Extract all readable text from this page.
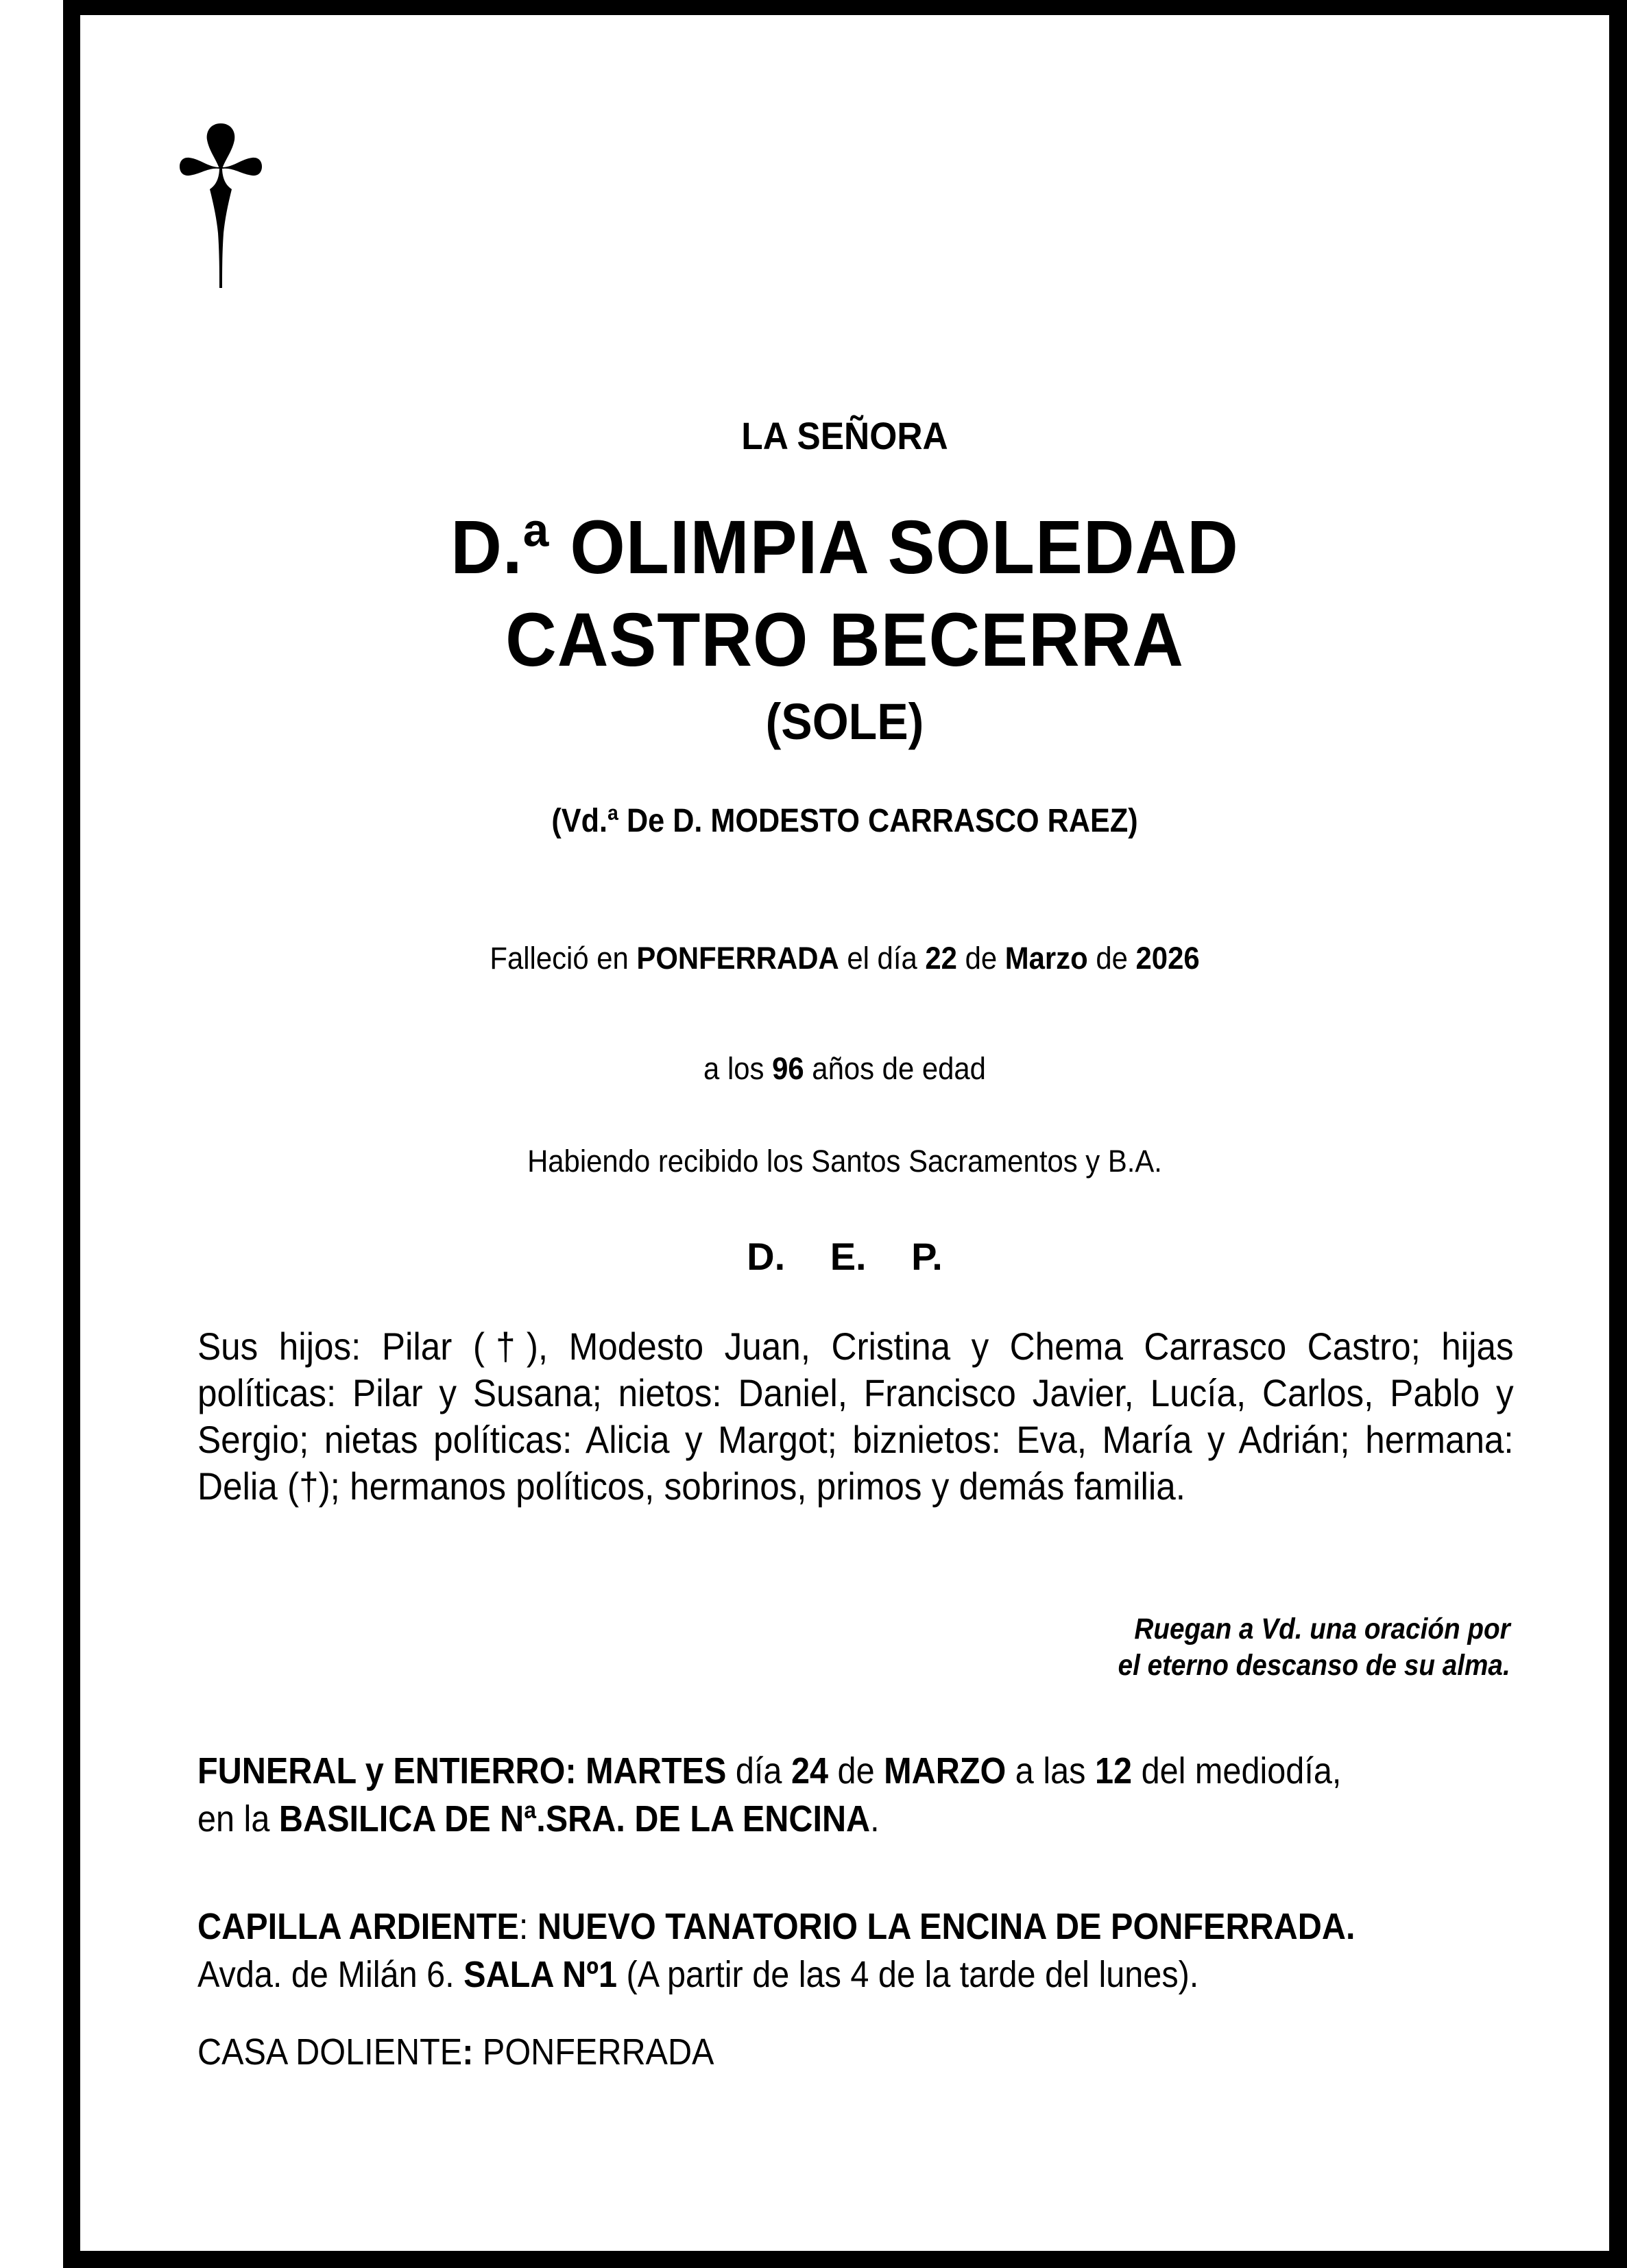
LA SEÑORA
D.ª OLIMPIA SOLEDAD
CASTRO BECERRA
(SOLE)
(Vd.ª De D. MODESTO CARRASCO RAEZ)
Falleció en PONFERRADA el día 22 de Marzo de 2026
a los 96 años de edad
Habiendo recibido los Santos Sacramentos y B.A.
D. E. P.
Sus hijos: Pilar (†), Modesto Juan, Cristina y Chema Carrasco Castro; hijas políticas: Pilar y Susana; nietos: Daniel, Francisco Javier, Lucía, Carlos, Pablo y Sergio; nietas políticas: Alicia y Margot; biznietos: Eva, María y Adrián; hermana: Delia (†); hermanos políticos, sobrinos, primos y demás familia.
Ruegan a Vd. una oración por
el eterno descanso de su alma.
FUNERAL y ENTIERRO: MARTES día 24 de MARZO a las 12 del mediodía,
en la BASILICA DE Nª.SRA. DE LA ENCINA.
CAPILLA ARDIENTE: NUEVO TANATORIO LA ENCINA DE PONFERRADA.
Avda. de Milán 6. SALA Nº1 (A partir de las 4 de la tarde del lunes).
CASA DOLIENTE: PONFERRADA
